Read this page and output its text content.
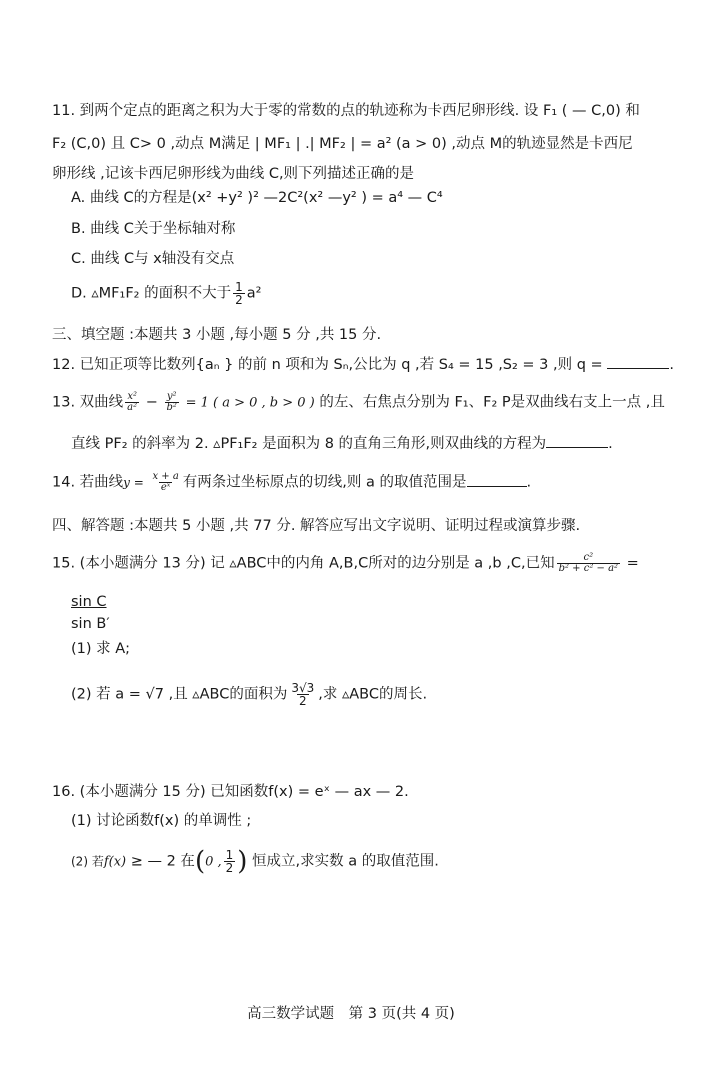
11. 到两个定点的距离之积为大于零的常数的点的轨迹称为卡西尼卵形线. 设 F₁ ( — C,0) 和
F₂ (C,0) 且 C> 0 ,动点 M满足 | MF₁ | .| MF₂ | = a² (a > 0) ,动点 M的轨迹显然是卡西尼
卵形线 ,记该卡西尼卵形线为曲线 C,则下列描述正确的是
A. 曲线 C的方程是(x² +y² )² —2C²(x² —y² ) = a⁴ — C⁴
B. 曲线 C关于坐标轴对称
C. 曲线 C与 x轴没有交点
D. ▵MF₁F₂ 的面积不大于 $\frac{1}{2} a^2$
三、填空题 :本题共 3 小题 ,每小题 5 分 ,共 15 分.
12. 已知正项等比数列{aₙ } 的前 n 项和为 Sₙ,公比为 q ,若 S₄ = 15 ,S₂ = 3 ,则 q =	.
13. 双曲线 $\frac{\text{x²}}{\text{a²}} - \frac{\text{y²}}{\text{b²}} = 1$ ( a > 0 , b > 0 ) 的左、右焦点分别为 F₁、F₂ P是双曲线右支上一点 ,且
直线 PF₂ 的斜率为 2. ▵PF₁F₂ 是面积为 8 的直角三角形,则双曲线的方程为	.
14. 若曲线$y = \frac{x + a}{\text{eˣ}}$ 有两条过坐标原点的切线,则 a 的取值范围是	.
四、解答题 :本题共 5 小题 ,共 77 分. 解答应写出文字说明、证明过程或演算步骤.
15. (本小题满分 13 分) 记 ▵ABC中的内角 A,B,C所对的边分别是 a ,b ,C,已知 $\frac{\text{c²}}{\text{b² + c² − a²}}$ =
sin C
sin B′
(1) 求 A;
(2) 若 a = √7 ,且 ▵ABC的面积为 $\frac{3√3}{2}$ ,求 ▵ABC的周长.
16. (本小题满分 15 分) 已知函数f(x) = eˣ — ax — 2.
(1) 讨论函数f(x) 的单调性 ;
(2) 若f(x) ≥ — 2 在(0 , $\frac{1}{2}$ ) 恒成立,求实数 a 的取值范围.
高三数学试题　第 3 页(共 4 页)
